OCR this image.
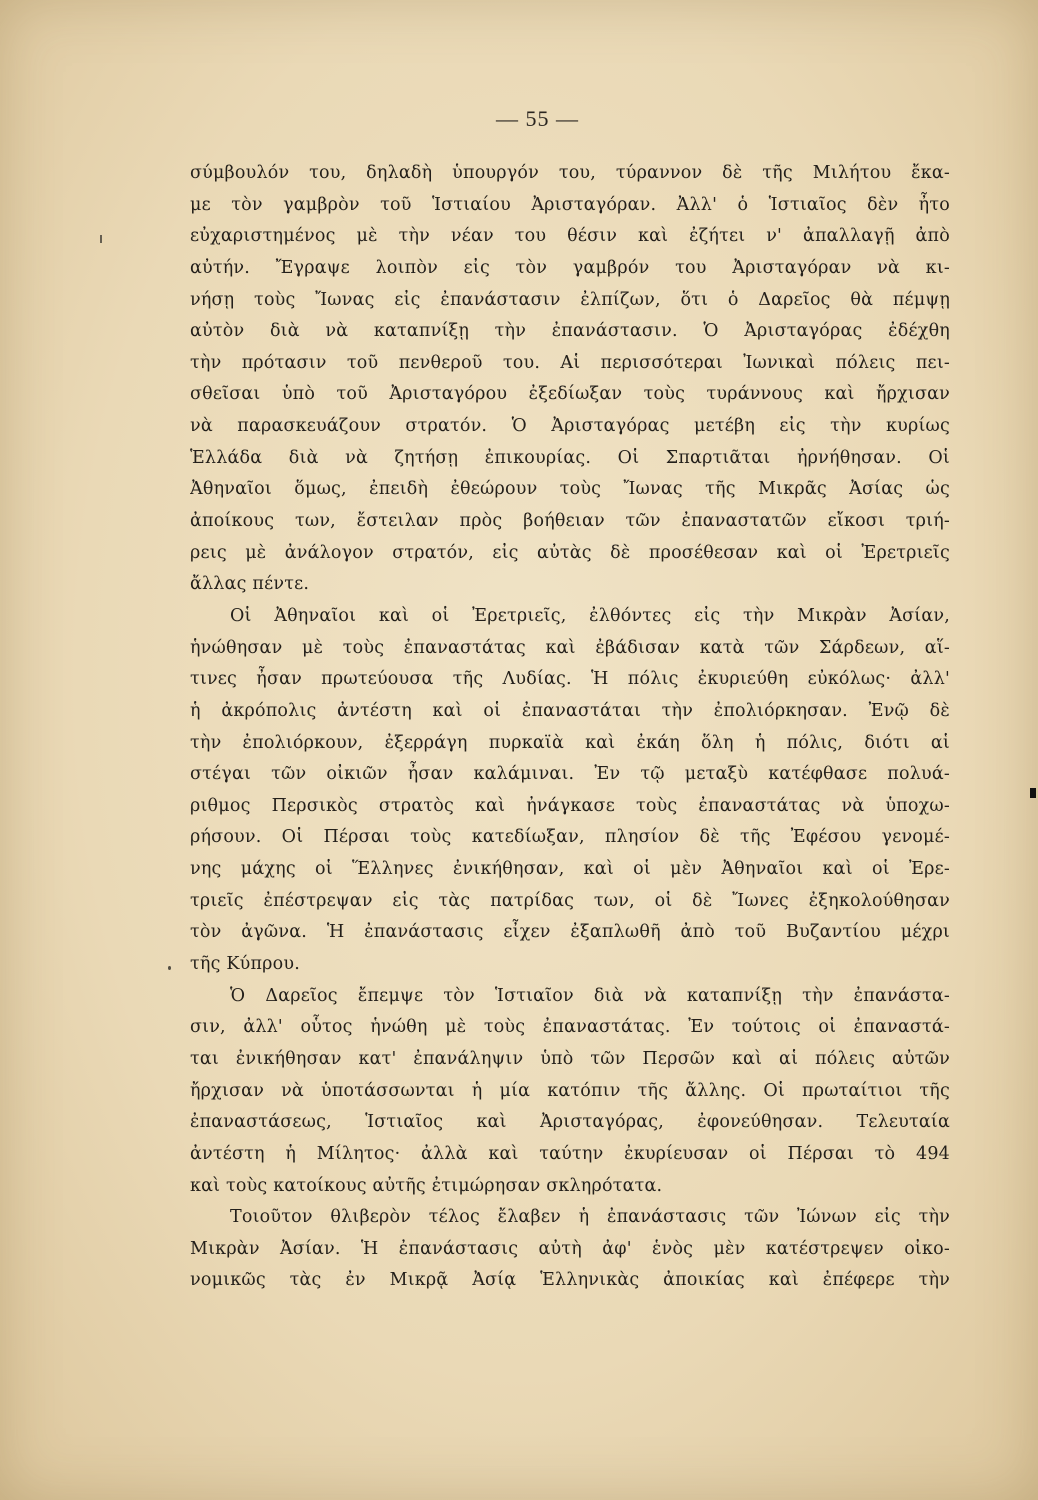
— 55 —
σύμβουλόν του, δηλαδὴ ὑπουργόν του, τύραννον δὲ τῆς Μιλήτου ἔκα-
με τὸν γαμβρὸν τοῦ Ἱστιαίου Ἀρισταγόραν. Ἀλλ' ὁ Ἱστιαῖος δὲν ἦτο
εὐχαριστημένος μὲ τὴν νέαν του θέσιν καὶ ἐζήτει ν' ἀπαλλαγῇ ἀπὸ
αὐτήν. Ἔγραψε λοιπὸν εἰς τὸν γαμβρόν του Ἀρισταγόραν νὰ κι-
νήσῃ τοὺς Ἴωνας εἰς ἐπανάστασιν ἐλπίζων, ὅτι ὁ Δαρεῖος θὰ πέμψῃ
αὐτὸν διὰ νὰ καταπνίξῃ τὴν ἐπανάστασιν. Ὁ Ἀρισταγόρας ἐδέχθη
τὴν πρότασιν τοῦ πενθεροῦ του. Αἱ περισσότεραι Ἰωνικαὶ πόλεις πει-
σθεῖσαι ὑπὸ τοῦ Ἀρισταγόρου ἐξεδίωξαν τοὺς τυράννους καὶ ἤρχισαν
νὰ παρασκευάζουν στρατόν. Ὁ Ἀρισταγόρας μετέβη εἰς τὴν κυρίως
Ἑλλάδα διὰ νὰ ζητήσῃ ἐπικουρίας. Οἱ Σπαρτιᾶται ἠρνήθησαν. Οἱ
Ἀθηναῖοι ὅμως, ἐπειδὴ ἐθεώρουν τοὺς Ἴωνας τῆς Μικρᾶς Ἀσίας ὡς
ἀποίκους των, ἔστειλαν πρὸς βοήθειαν τῶν ἐπαναστατῶν εἴκοσι τριή-
ρεις μὲ ἀνάλογον στρατόν, εἰς αὐτὰς δὲ προσέθεσαν καὶ οἱ Ἐρετριεῖς
ἄλλας πέντε.
Οἱ Ἀθηναῖοι καὶ οἱ Ἐρετριεῖς, ἐλθόντες εἰς τὴν Μικρὰν Ἀσίαν,
ἡνώθησαν μὲ τοὺς ἐπαναστάτας καὶ ἐβάδισαν κατὰ τῶν Σάρδεων, αἵ-
τινες ἦσαν πρωτεύουσα τῆς Λυδίας. Ἡ πόλις ἐκυριεύθη εὐκόλως· ἀλλ'
ἡ ἀκρόπολις ἀντέστη καὶ οἱ ἐπαναστάται τὴν ἐπολιόρκησαν. Ἐνῷ δὲ
τὴν ἐπολιόρκουν, ἐξερράγη πυρκαϊὰ καὶ ἐκάη ὅλη ἡ πόλις, διότι αἱ
στέγαι τῶν οἰκιῶν ἦσαν καλάμιναι. Ἐν τῷ μεταξὺ κατέφθασε πολυά-
ριθμος Περσικὸς στρατὸς καὶ ἠνάγκασε τοὺς ἐπαναστάτας νὰ ὑποχω-
ρήσουν. Οἱ Πέρσαι τοὺς κατεδίωξαν, πλησίον δὲ τῆς Ἐφέσου γενομέ-
νης μάχης οἱ Ἕλληνες ἐνικήθησαν, καὶ οἱ μὲν Ἀθηναῖοι καὶ οἱ Ἐρε-
τριεῖς ἐπέστρεψαν εἰς τὰς πατρίδας των, οἱ δὲ Ἴωνες ἐξηκολούθησαν
τὸν ἀγῶνα. Ἡ ἐπανάστασις εἶχεν ἐξαπλωθῆ ἀπὸ τοῦ Βυζαντίου μέχρι
τῆς Κύπρου.
Ὁ Δαρεῖος ἔπεμψε τὸν Ἱστιαῖον διὰ νὰ καταπνίξῃ τὴν ἐπανάστα-
σιν, ἀλλ' οὗτος ἡνώθη μὲ τοὺς ἐπαναστάτας. Ἐν τούτοις οἱ ἐπαναστά-
ται ἐνικήθησαν κατ' ἐπανάληψιν ὑπὸ τῶν Περσῶν καὶ αἱ πόλεις αὐτῶν
ἤρχισαν νὰ ὑποτάσσωνται ἡ μία κατόπιν τῆς ἄλλης. Οἱ πρωταίτιοι τῆς
ἐπαναστάσεως, Ἱστιαῖος καὶ Ἀρισταγόρας, ἐφονεύθησαν. Τελευταία
ἀντέστη ἡ Μίλητος· ἀλλὰ καὶ ταύτην ἐκυρίευσαν οἱ Πέρσαι τὸ 494
καὶ τοὺς κατοίκους αὐτῆς ἐτιμώρησαν σκληρότατα.
Τοιοῦτον θλιβερὸν τέλος ἔλαβεν ἡ ἐπανάστασις τῶν Ἰώνων εἰς τὴν
Μικρὰν Ἀσίαν. Ἡ ἐπανάστασις αὐτὴ ἀφ' ἑνὸς μὲν κατέστρεψεν οἰκο-
νομικῶς τὰς ἐν Μικρᾷ Ἀσίᾳ Ἑλληνικὰς ἀποικίας καὶ ἐπέφερε τὴν
